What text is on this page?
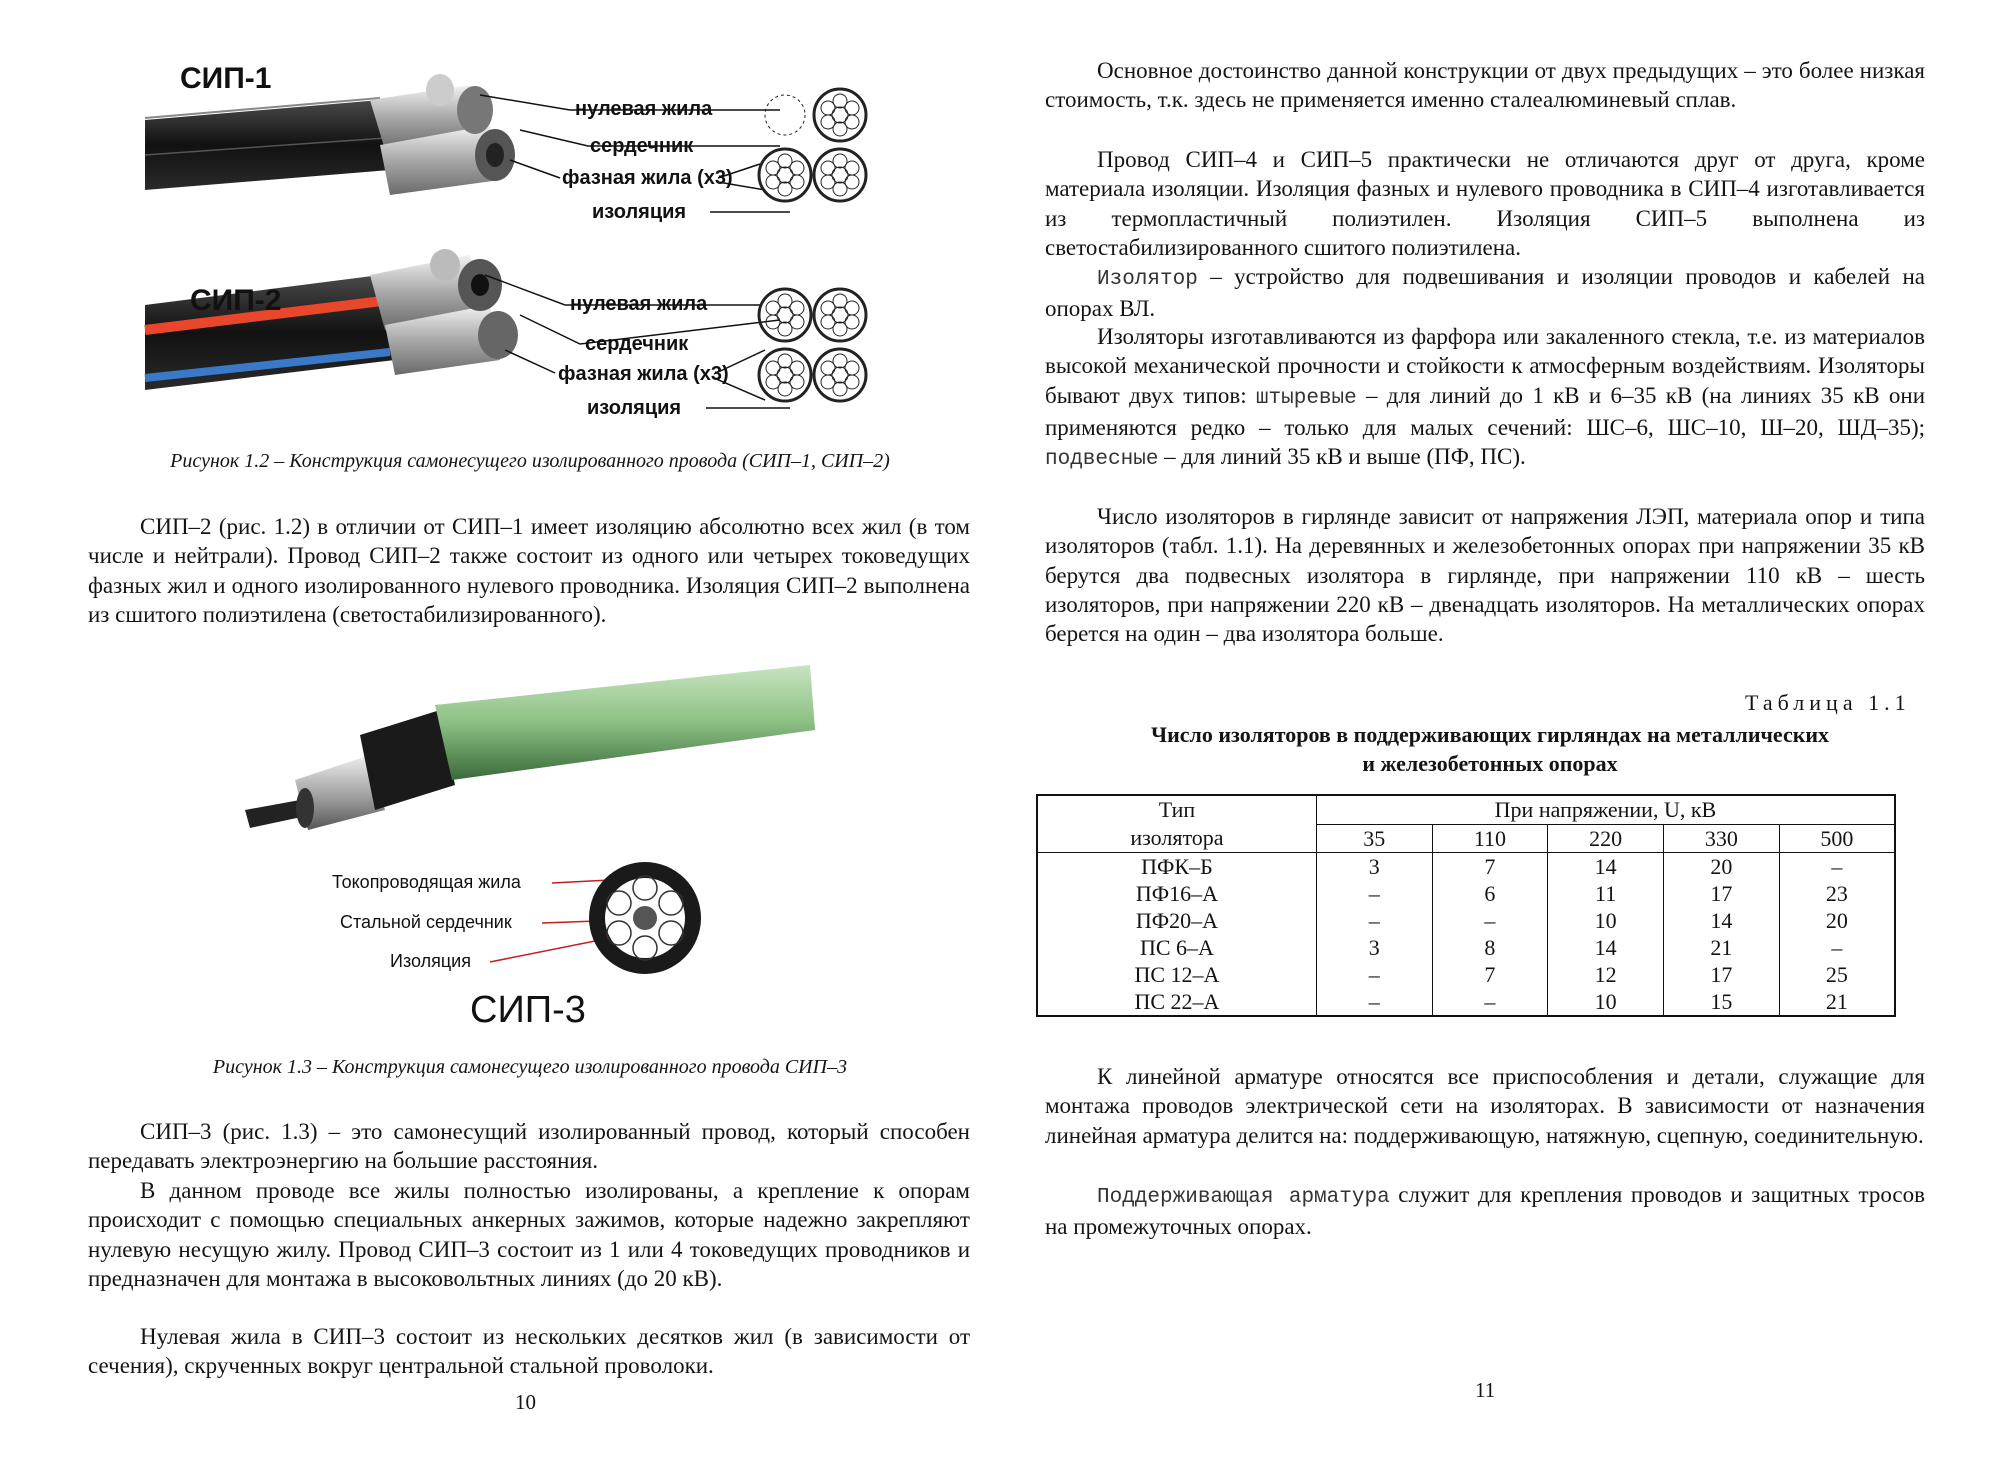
СИП-1
нулевая жила
сердечник
фазная жила (х3)
изоляция
СИП-2	нулевая жила
сердечник
фазная жила (х3)
изоляция

Рисунок 1.2 – Конструкция самонесущего изолированного провода (СИП–1, СИП–2)

СИП–2 (рис. 1.2) в отличии от СИП–1 имеет изоляцию абсолютно всех жил (в том числе и нейтрали). Провод СИП–2 также состоит из одного или четырех токоведущих фазных жил и одного изолированного нулевого проводника. Изоляция СИП–2 выполнена из сшитого полиэтилена (светостабилизированного).

Токопроводящая жила
Стальной сердечник
Изоляция
СИП-3

Рисунок 1.3 – Конструкция самонесущего изолированного провода СИП–3

СИП–3 (рис. 1.3) – это самонесущий изолированный провод, который способен передавать электроэнергию на большие расстояния.

В данном проводе все жилы полностью изолированы, а крепление к опорам происходит с помощью специальных анкерных зажимов, которые надежно закрепляют нулевую несущую жилу. Провод СИП–3 состоит из 1 или 4 токоведущих проводников и предназначен для монтажа в высоковольтных линиях (до 20 кВ).

Нулевая жила в СИП–3 состоит из нескольких десятков жил (в зависимости от сечения), скрученных вокруг центральной стальной проволоки.

10

Основное достоинство данной конструкции от двух предыдущих – это более низкая стоимость, т.к. здесь не применяется именно сталеалюминевый сплав.

Провод СИП–4 и СИП–5 практически не отличаются друг от друга, кроме материала изоляции. Изоляция фазных и нулевого проводника в СИП–4 изготавливается из термопластичный полиэтилен. Изоляция СИП–5 выполнена из светостабилизированного сшитого полиэтилена.

Изолятор – устройство для подвешивания и изоляции проводов и кабелей на опорах ВЛ.

Изоляторы изготавливаются из фарфора или закаленного стекла, т.е. из материалов высокой механической прочности и стойкости к атмосферным воздействиям. Изоляторы бывают двух типов: штыревые – для линий до 1 кВ и 6–35 кВ (на линиях 35 кВ они применяются редко – только для малых сечений: ШС–6, ШС–10, Ш–20, ШД–35); подвесные – для линий 35 кВ и выше (ПФ, ПС).

Число изоляторов в гирлянде зависит от напряжения ЛЭП, материала опор и типа изоляторов (табл. 1.1). На деревянных и железобетонных опорах при напряжении 35 кВ берутся два подвесных изолятора в гирлянде, при напряжении 110 кВ – шесть изоляторов, при напряжении 220 кВ – двенадцать изоляторов. На металлических опорах берется на один – два изолятора больше.

Таблица 1.1
Число изоляторов в поддерживающих гирляндах на металлических
и железобетонных опорах
Тип
изолятора	При напряжении, U, кВ				
	35	110	220	330	500
ПФК–Б	3	7	14	20	–
ПФ16–А	–	6	11	17	23
ПФ20–А	–	–	10	14	20
ПС 6–А	3	8	14	21	–
ПС 12–А	–	7	12	17	25
ПС 22–А	–	–	10	15	21

К линейной арматуре относятся все приспособления и детали, служащие для монтажа проводов электрической сети на изоляторах. В зависимости от назначения линейная арматура делится на: поддерживающую, натяжную, сцепную, соединительную.

Поддерживающая арматура служит для крепления проводов и защитных тросов на промежуточных опорах.

11
